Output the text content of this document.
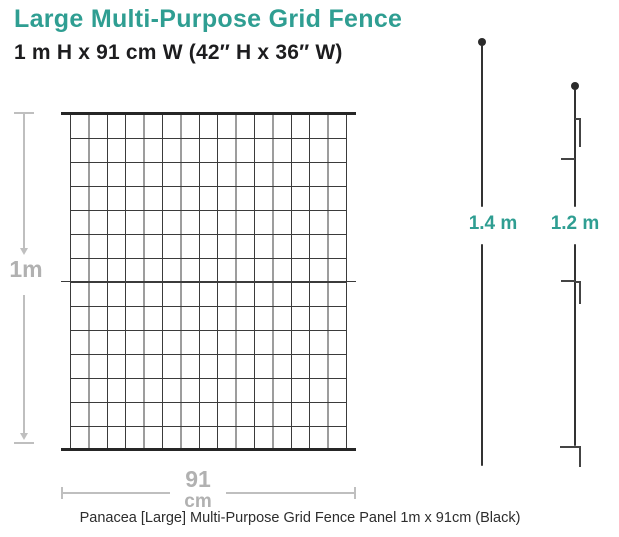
Large Multi-Purpose Grid Fence
1 m H x 91 cm W (42″ H x 36″ W)
1m
91
cm
1.4 m	1.2 m
Panacea [Large] Multi-Purpose Grid Fence Panel 1m x 91cm (Black)
